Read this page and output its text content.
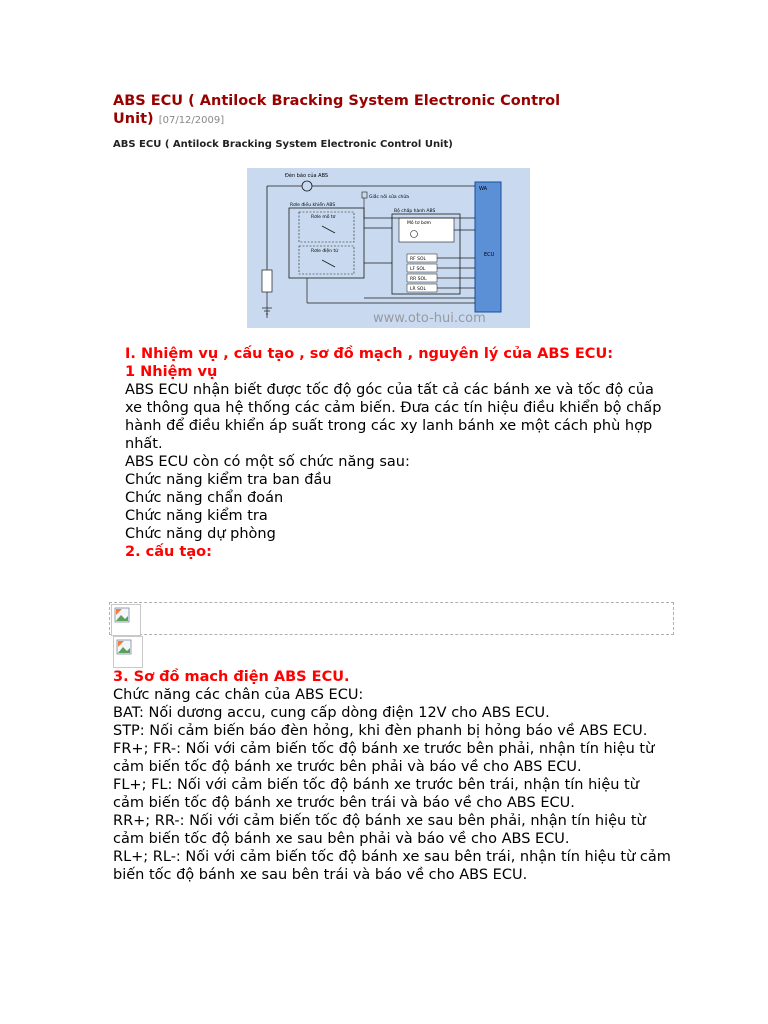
ABS ECU ( Antilock Bracking System Electronic Control Unit) [07/12/2009]

ABS ECU ( Antilock Bracking System Electronic Control Unit)

WA
ECU
Đèn báo của ABS
Giắc nối sửa chữa
Rơle điều khiển ABS
Rơle mô tơ
Rơle điện từ
Bộ chấp hành ABS
Mô tơ bơm
RF SOL
LF SOL
RR SOL
LR SOL
www.oto-hui.com

I. Nhiệm vụ , cấu tạo , sơ đồ mạch , nguyên lý của ABS ECU:

1 Nhiệm vụ

ABS ECU nhận biết được tốc độ góc của tất cả các bánh xe và tốc độ của xe thông qua hệ thống các cảm biến. Đưa các tín hiệu điều khiển bộ chấp hành để điều khiển áp suất trong các xy lanh bánh xe một cách phù hợp nhất.

ABS ECU còn có một số chức năng sau:

Chức năng kiểm tra ban đầu

Chức năng chẩn đoán

Chức năng kiểm tra

Chức năng dự phòng

2. cấu tạo:

3. Sơ đồ mach điện ABS ECU.

Chức năng các chân của ABS ECU:

BAT: Nối dương accu, cung cấp dòng điện 12V cho ABS ECU.

STP: Nối cảm biến báo đèn hỏng, khi đèn phanh bị hỏng báo về ABS ECU.

FR+; FR-: Nối với cảm biến tốc độ bánh xe trước bên phải, nhận tín hiệu từ cảm biến tốc độ bánh xe trước bên phải và báo về cho ABS ECU.

FL+; FL: Nối với cảm biến tốc độ bánh xe trước bên trái, nhận tín hiệu từ cảm biến tốc độ bánh xe trước bên trái và báo về cho ABS ECU.

RR+; RR-: Nối với cảm biến tốc độ bánh xe sau bên phải, nhận tín hiệu từ cảm biến tốc độ bánh xe sau bên phải và báo về cho ABS ECU.

RL+; RL-: Nối với cảm biến tốc độ bánh xe sau bên trái, nhận tín hiệu từ cảm biến tốc độ bánh xe sau bên trái và báo về cho ABS ECU.
